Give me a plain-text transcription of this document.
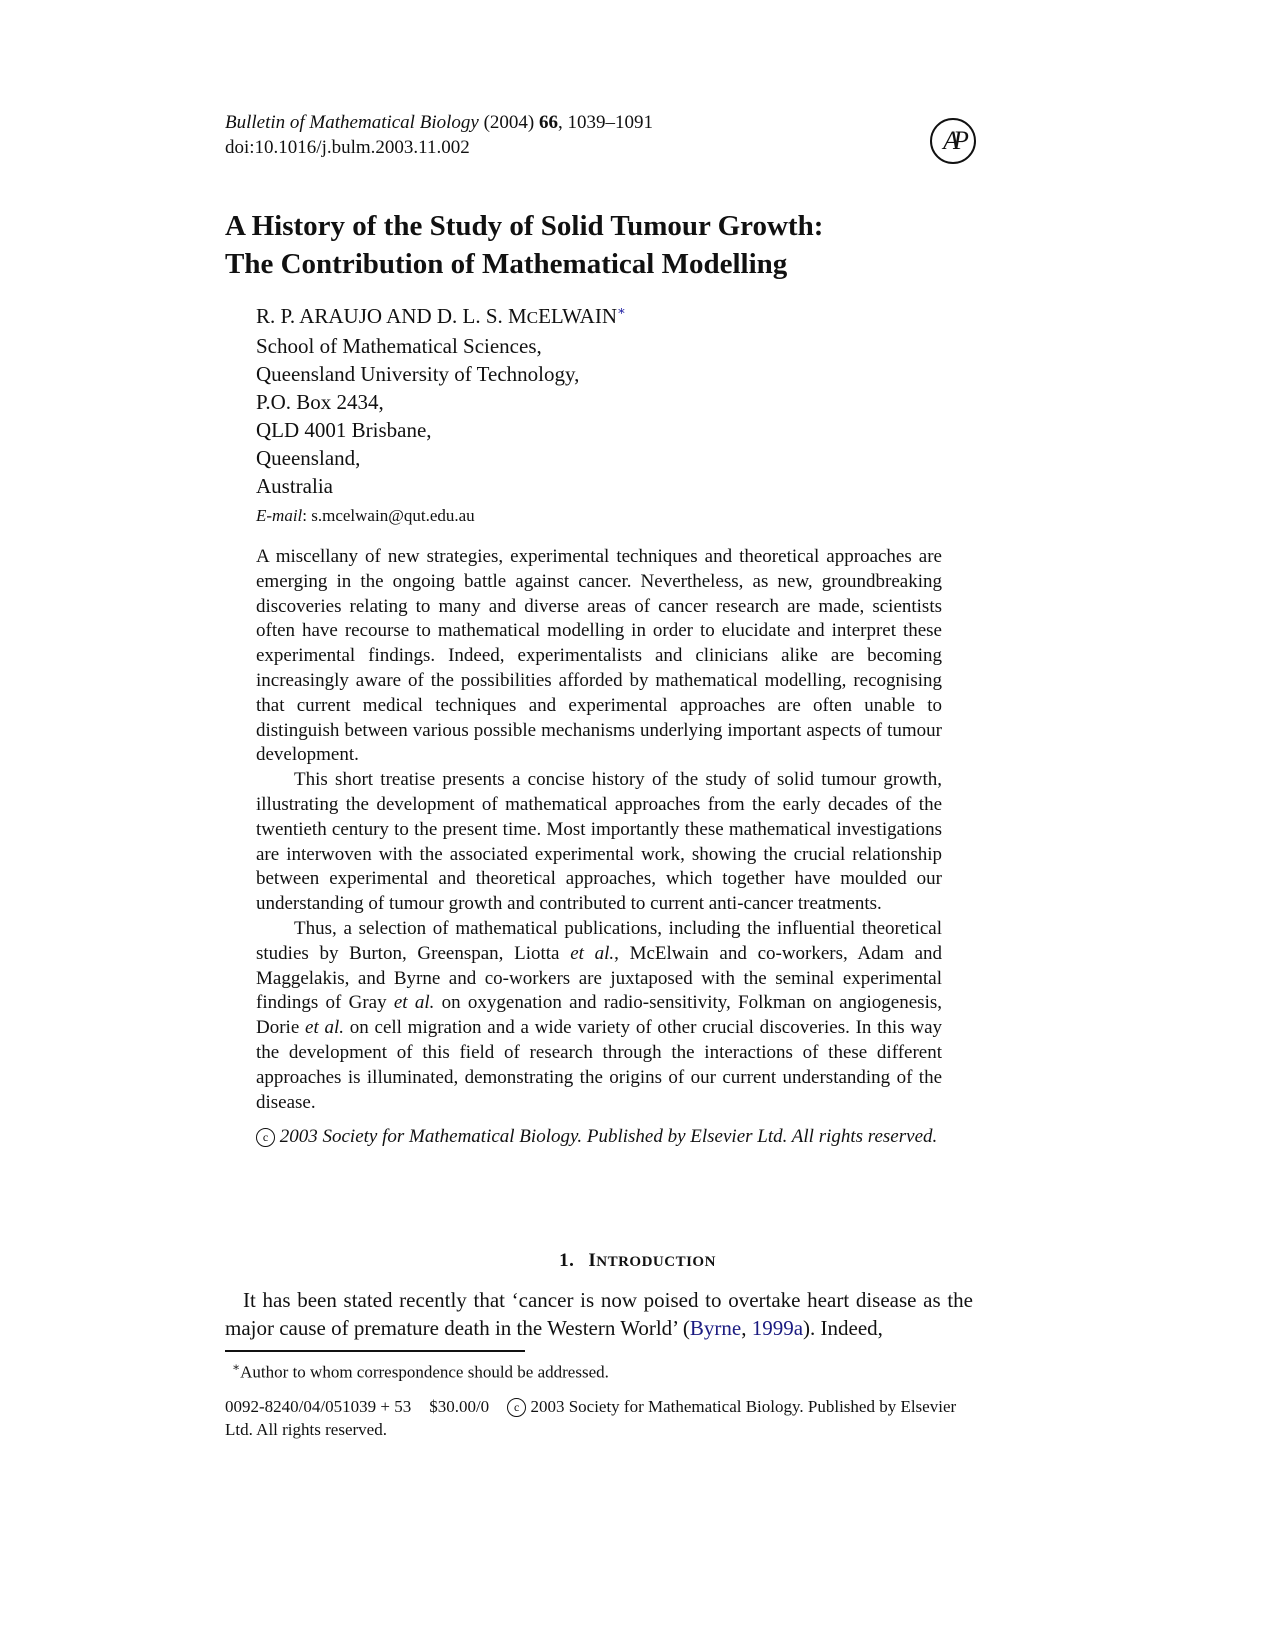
Bulletin of Mathematical Biology (2004) 66, 1039–1091
doi:10.1016/j.bulm.2003.11.002	AP
A History of the Study of Solid Tumour Growth:
The Contribution of Mathematical Modelling
R. P. ARAUJO AND D. L. S. MCELWAIN∗
School of Mathematical Sciences,
Queensland University of Technology,
P.O. Box 2434,
QLD 4001 Brisbane,
Queensland,
Australia
E-mail: s.mcelwain@qut.edu.au

A miscellany of new strategies, experimental techniques and theoretical approaches are emerging in the ongoing battle against cancer. Nevertheless, as new, groundbreaking discoveries relating to many and diverse areas of cancer research are made, scientists often have recourse to mathematical modelling in order to elucidate and interpret these experimental findings. Indeed, experimentalists and clinicians alike are becoming increasingly aware of the possibilities afforded by mathematical modelling, recognising that current medical techniques and experimental approaches are often unable to distinguish between various possible mechanisms underlying important aspects of tumour development.

This short treatise presents a concise history of the study of solid tumour growth, illustrating the development of mathematical approaches from the early decades of the twentieth century to the present time. Most importantly these mathematical investigations are interwoven with the associated experimental work, showing the crucial relationship between experimental and theoretical approaches, which together have moulded our understanding of tumour growth and contributed to current anti-cancer treatments.

Thus, a selection of mathematical publications, including the influential theoretical studies by Burton, Greenspan, Liotta et al., McElwain and co-workers, Adam and Maggelakis, and Byrne and co-workers are juxtaposed with the seminal experimental findings of Gray et al. on oxygenation and radio-sensitivity, Folkman on angiogenesis, Dorie et al. on cell migration and a wide variety of other crucial discoveries. In this way the development of this field of research through the interactions of these different approaches is illuminated, demonstrating the origins of our current understanding of the disease.

c 2003 Society for Mathematical Biology. Published by Elsevier Ltd. All rights reserved.

1. INTRODUCTION

It has been stated recently that ‘cancer is now poised to overtake heart disease as the major cause of premature death in the Western World’ (Byrne, 1999a). Indeed,

∗Author to whom correspondence should be addressed.
0092-8240/04/051039 + 53 $30.00/0 c 2003 Society for Mathematical Biology. Published by Elsevier Ltd. All rights reserved.
